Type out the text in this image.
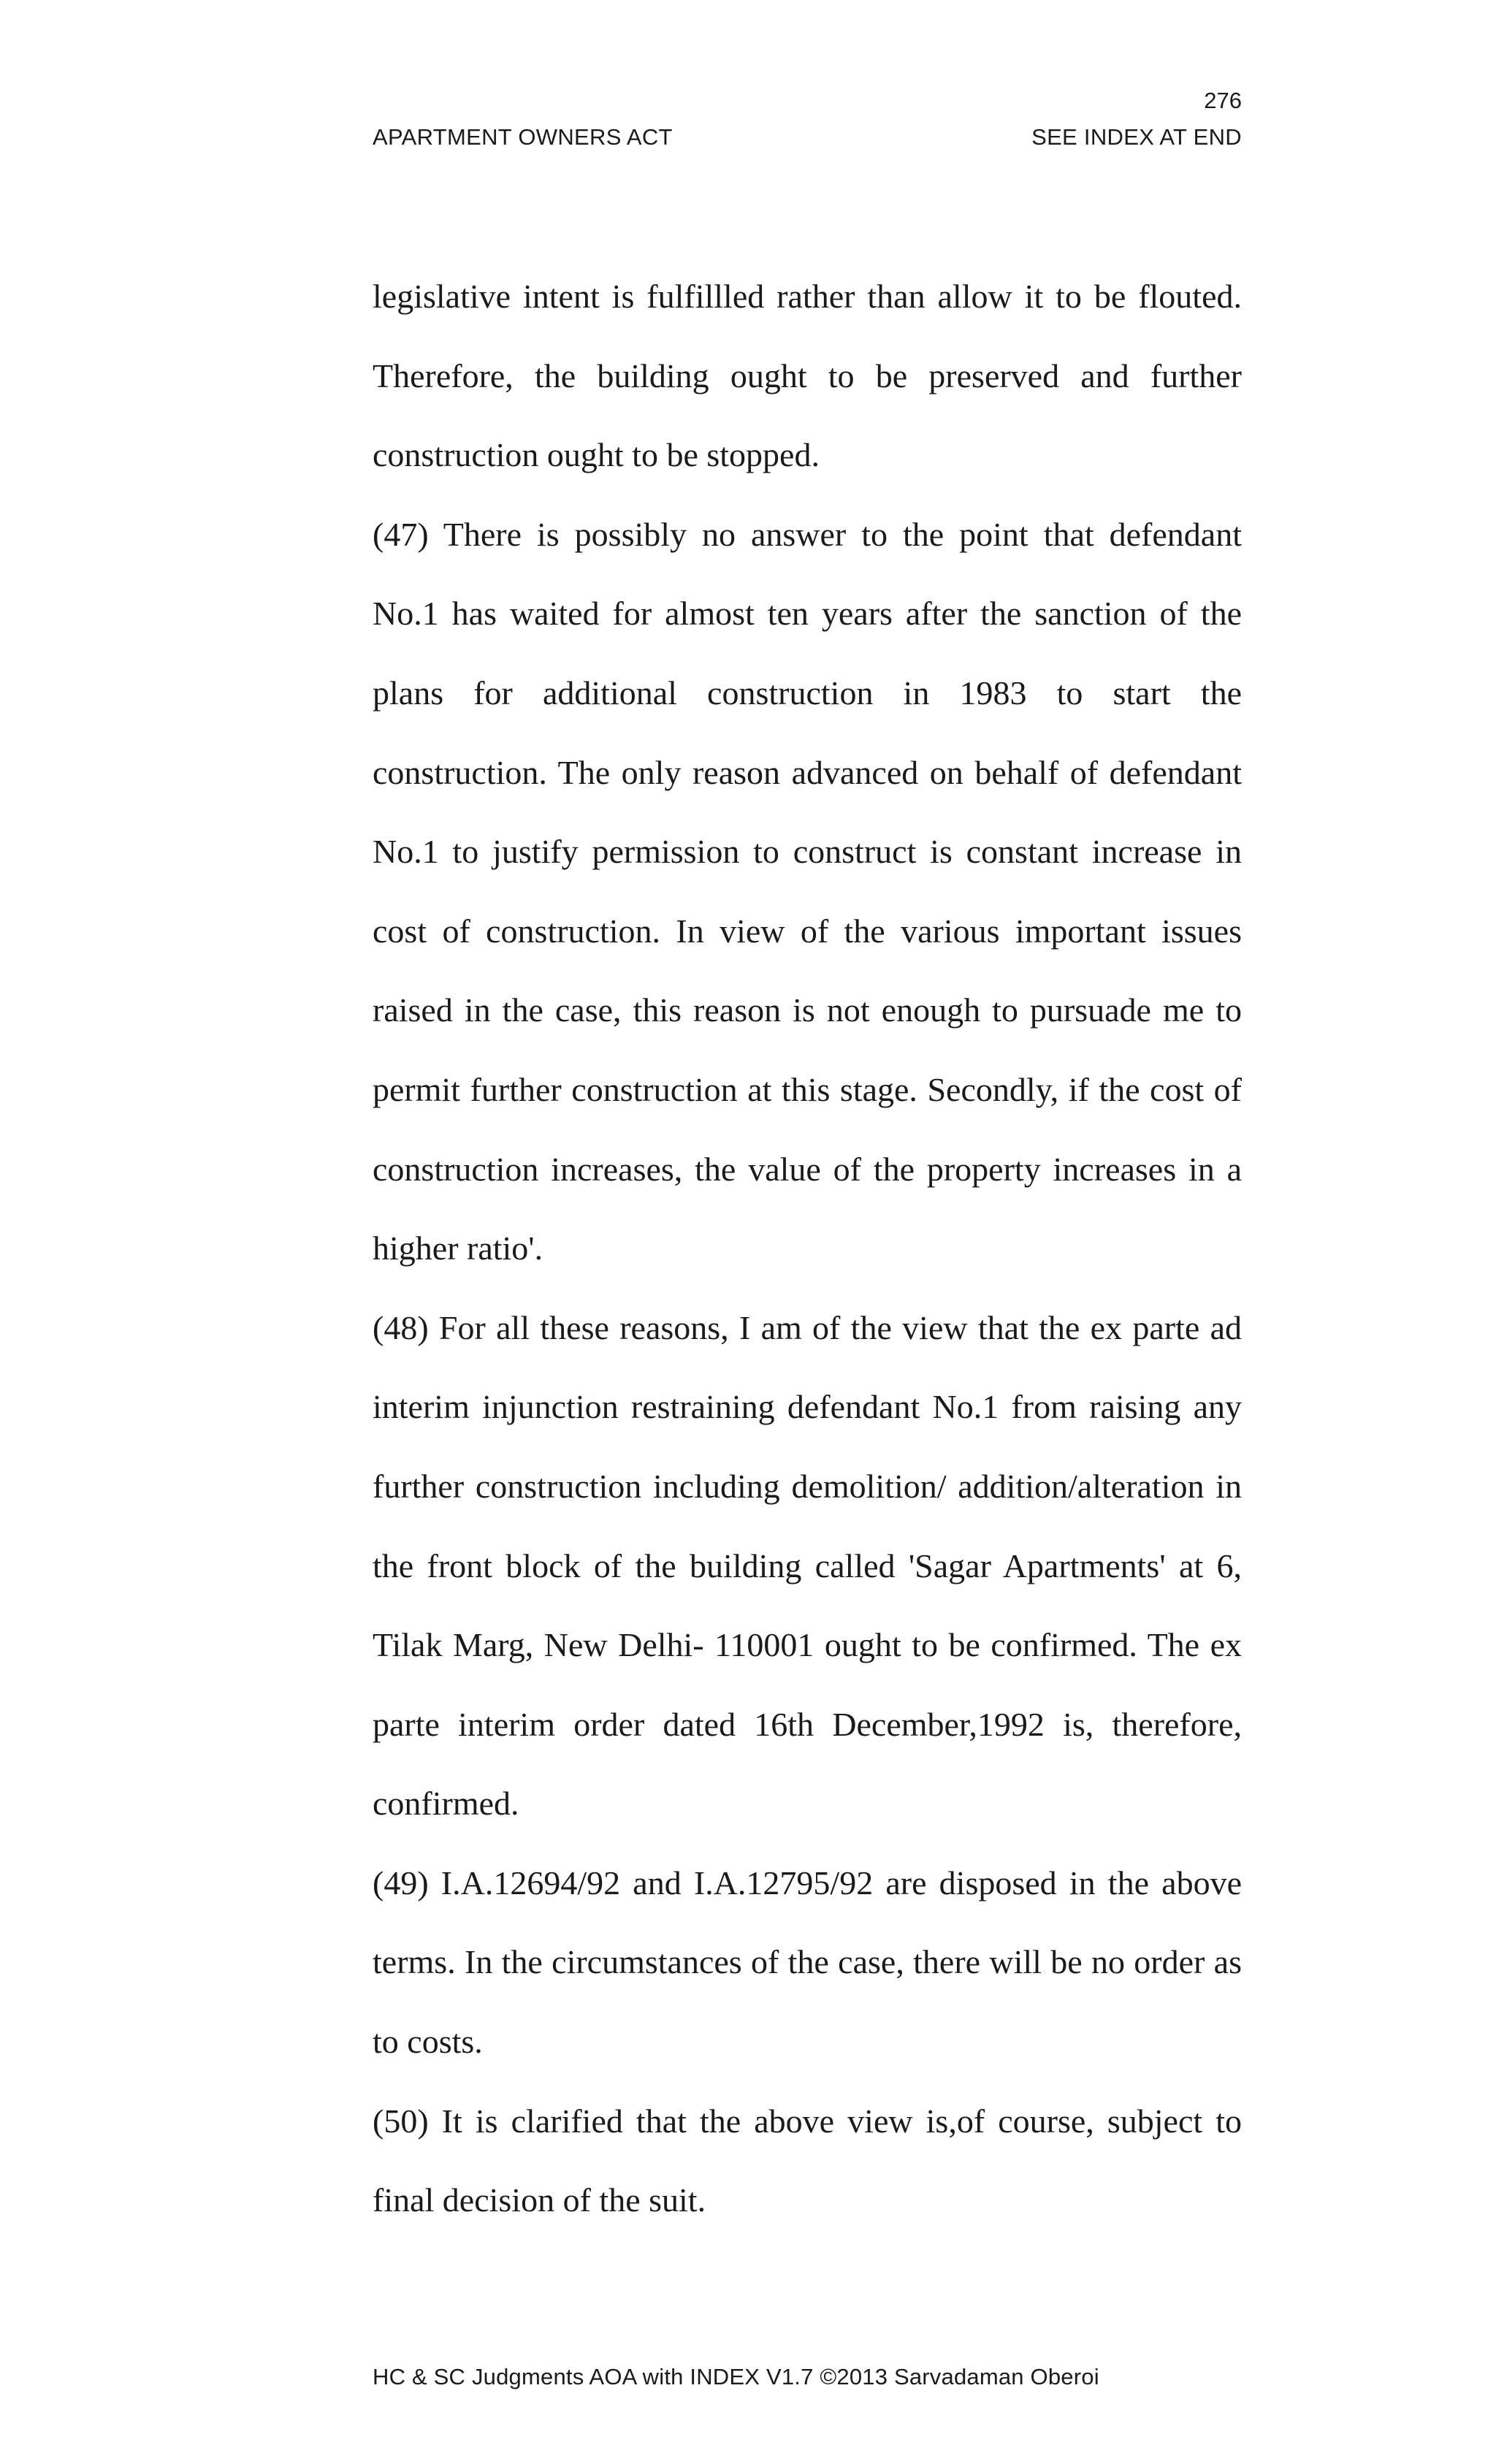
276
APARTMENT OWNERS ACT	SEE INDEX AT END

legislative intent is fulfillled rather than allow it to be flouted. Therefore, the building ought to be preserved and further construction ought to be stopped.

(47) There is possibly no answer to the point that defendant No.1 has waited for almost ten years after the sanction of the plans for additional construction in 1983 to start the construction. The only reason advanced on behalf of defendant No.1 to justify permission to construct is constant increase in cost of construction. In view of the various important issues raised in the case, this reason is not enough to pursuade me to permit further construction at this stage. Secondly, if the cost of construction increases, the value of the property increases in a higher ratio'.

(48) For all these reasons, I am of the view that the ex parte ad interim injunction restraining defendant No.1 from raising any further construction including demolition/ addition/alteration in the front block of the building called 'Sagar Apartments' at 6, Tilak Marg, New Delhi- 110001 ought to be confirmed. The ex parte interim order dated 16th December,1992 is, therefore, confirmed.

(49) I.A.12694/92 and I.A.12795/92 are disposed in the above terms. In the circumstances of the case, there will be no order as to costs.

(50) It is clarified that the above view is,of course, subject to final decision of the suit.

HC & SC Judgments AOA with INDEX V1.7 ©2013 Sarvadaman Oberoi
